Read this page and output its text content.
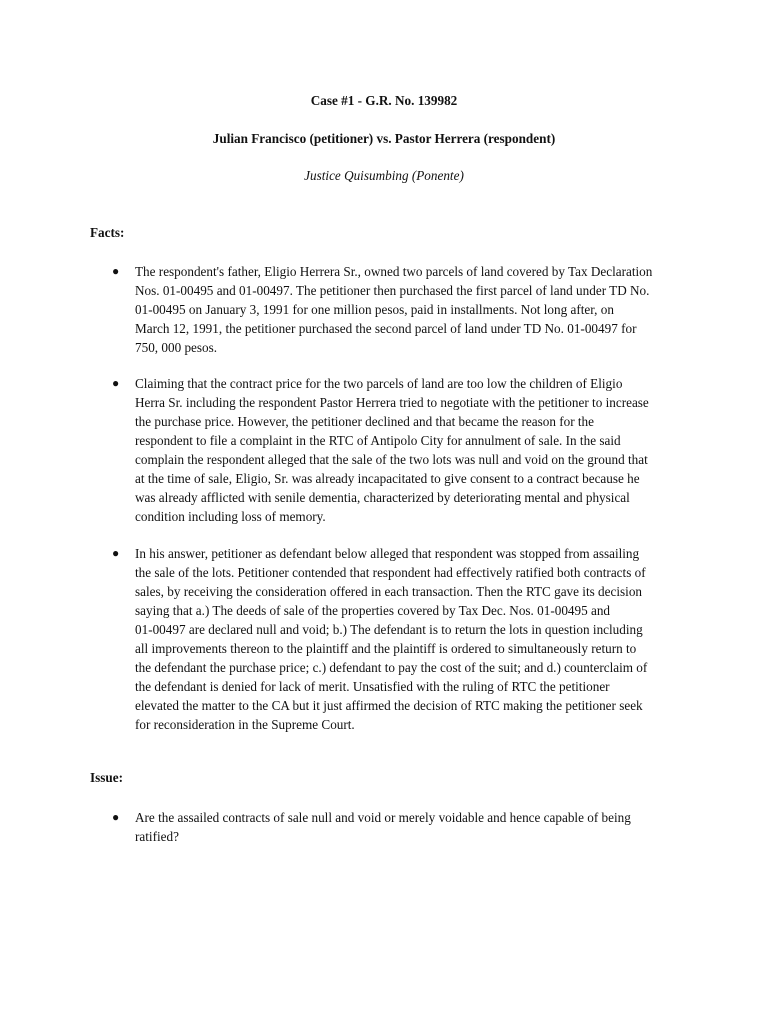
Case #1 - G.R. No. 139982
Julian Francisco (petitioner) vs. Pastor Herrera (respondent)
Justice Quisumbing (Ponente)
Facts:
● The respondent's father, Eligio Herrera Sr., owned two parcels of land covered by Tax Declaration
Nos. 01-00495 and 01-00497. The petitioner then purchased the first parcel of land under TD No.
01-00495 on January 3, 1991 for one million pesos, paid in installments. Not long after, on
March 12, 1991, the petitioner purchased the second parcel of land under TD No. 01-00497 for
750, 000 pesos.
● Claiming that the contract price for the two parcels of land are too low the children of Eligio
Herra Sr. including the respondent Pastor Herrera tried to negotiate with the petitioner to increase
the purchase price. However, the petitioner declined and that became the reason for the
respondent to file a complaint in the RTC of Antipolo City for annulment of sale. In the said
complain the respondent alleged that the sale of the two lots was null and void on the ground that
at the time of sale, Eligio, Sr. was already incapacitated to give consent to a contract because he
was already afflicted with senile dementia, characterized by deteriorating mental and physical
condition including loss of memory.
● In his answer, petitioner as defendant below alleged that respondent was stopped from assailing
the sale of the lots. Petitioner contended that respondent had effectively ratified both contracts of
sales, by receiving the consideration offered in each transaction. Then the RTC gave its decision
saying that a.) The deeds of sale of the properties covered by Tax Dec. Nos. 01-00495 and
01-00497 are declared null and void; b.) The defendant is to return the lots in question including
all improvements thereon to the plaintiff and the plaintiff is ordered to simultaneously return to
the defendant the purchase price; c.) defendant to pay the cost of the suit; and d.) counterclaim of
the defendant is denied for lack of merit. Unsatisfied with the ruling of RTC the petitioner
elevated the matter to the CA but it just affirmed the decision of RTC making the petitioner seek
for reconsideration in the Supreme Court.
Issue:
● Are the assailed contracts of sale null and void or merely voidable and hence capable of being
ratified?
